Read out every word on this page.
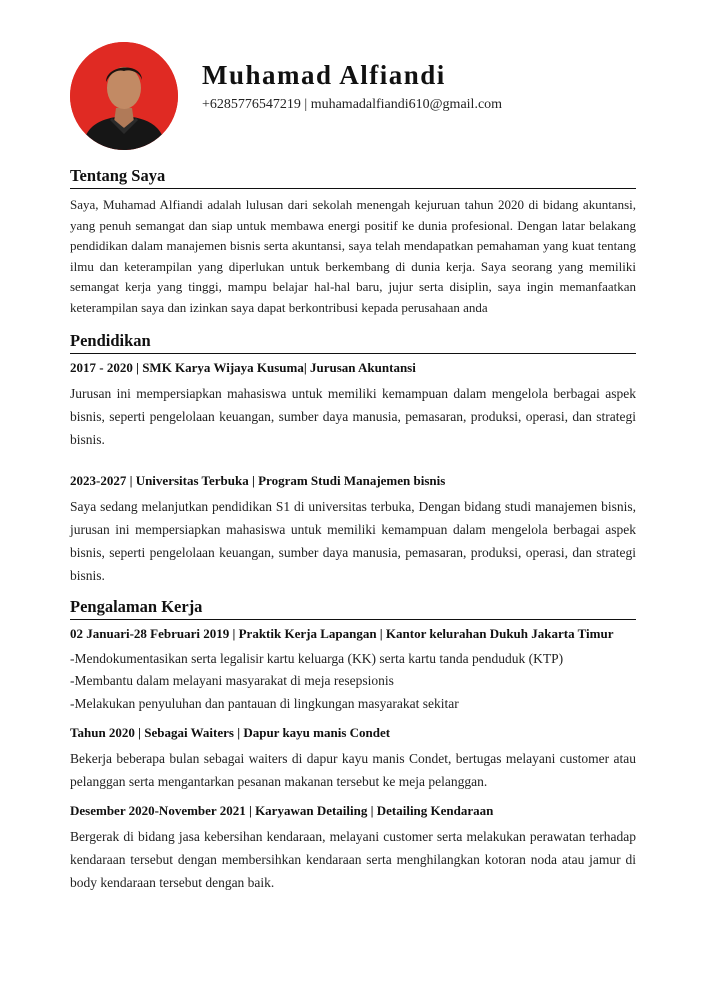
Muhamad Alfiandi
+6285776547219 | muhamadalfiandi610@gmail.com
Tentang Saya

Saya, Muhamad Alfiandi adalah lulusan dari sekolah menengah kejuruan tahun 2020 di bidang akuntansi, yang penuh semangat dan siap untuk membawa energi positif ke dunia profesional. Dengan latar belakang pendidikan dalam manajemen bisnis serta akuntansi, saya telah mendapatkan pemahaman yang kuat tentang ilmu dan keterampilan yang diperlukan untuk berkembang di dunia kerja. Saya seorang yang memiliki semangat kerja yang tinggi, mampu belajar hal-hal baru, jujur serta disiplin, saya ingin memanfaatkan keterampilan saya dan izinkan saya dapat berkontribusi kepada perusahaan anda

Pendidikan
2017 - 2020 | SMK Karya Wijaya Kusuma| Jurusan Akuntansi

Jurusan ini mempersiapkan mahasiswa untuk memiliki kemampuan dalam mengelola berbagai aspek bisnis, seperti pengelolaan keuangan, sumber daya manusia, pemasaran, produksi, operasi, dan strategi bisnis.

2023-2027 | Universitas Terbuka | Program Studi Manajemen bisnis

Saya sedang melanjutkan pendidikan S1 di universitas terbuka, Dengan bidang studi manajemen bisnis, jurusan ini mempersiapkan mahasiswa untuk memiliki kemampuan dalam mengelola berbagai aspek bisnis, seperti pengelolaan keuangan, sumber daya manusia, pemasaran, produksi, operasi, dan strategi bisnis.

Pengalaman Kerja
02 Januari-28 Februari 2019 | Praktik Kerja Lapangan | Kantor kelurahan Dukuh Jakarta Timur
-Mendokumentasikan serta legalisir kartu keluarga (KK) serta kartu tanda penduduk (KTP)
-Membantu dalam melayani masyarakat di meja resepsionis
-Melakukan penyuluhan dan pantauan di lingkungan masyarakat sekitar
Tahun 2020 | Sebagai Waiters | Dapur kayu manis Condet

Bekerja beberapa bulan sebagai waiters di dapur kayu manis Condet, bertugas melayani customer atau pelanggan serta mengantarkan pesanan makanan tersebut ke meja pelanggan.

Desember 2020-November 2021 | Karyawan Detailing | Detailing Kendaraan

Bergerak di bidang jasa kebersihan kendaraan, melayani customer serta melakukan perawatan terhadap kendaraan tersebut dengan membersihkan kendaraan serta menghilangkan kotoran noda atau jamur di body kendaraan tersebut dengan baik.
